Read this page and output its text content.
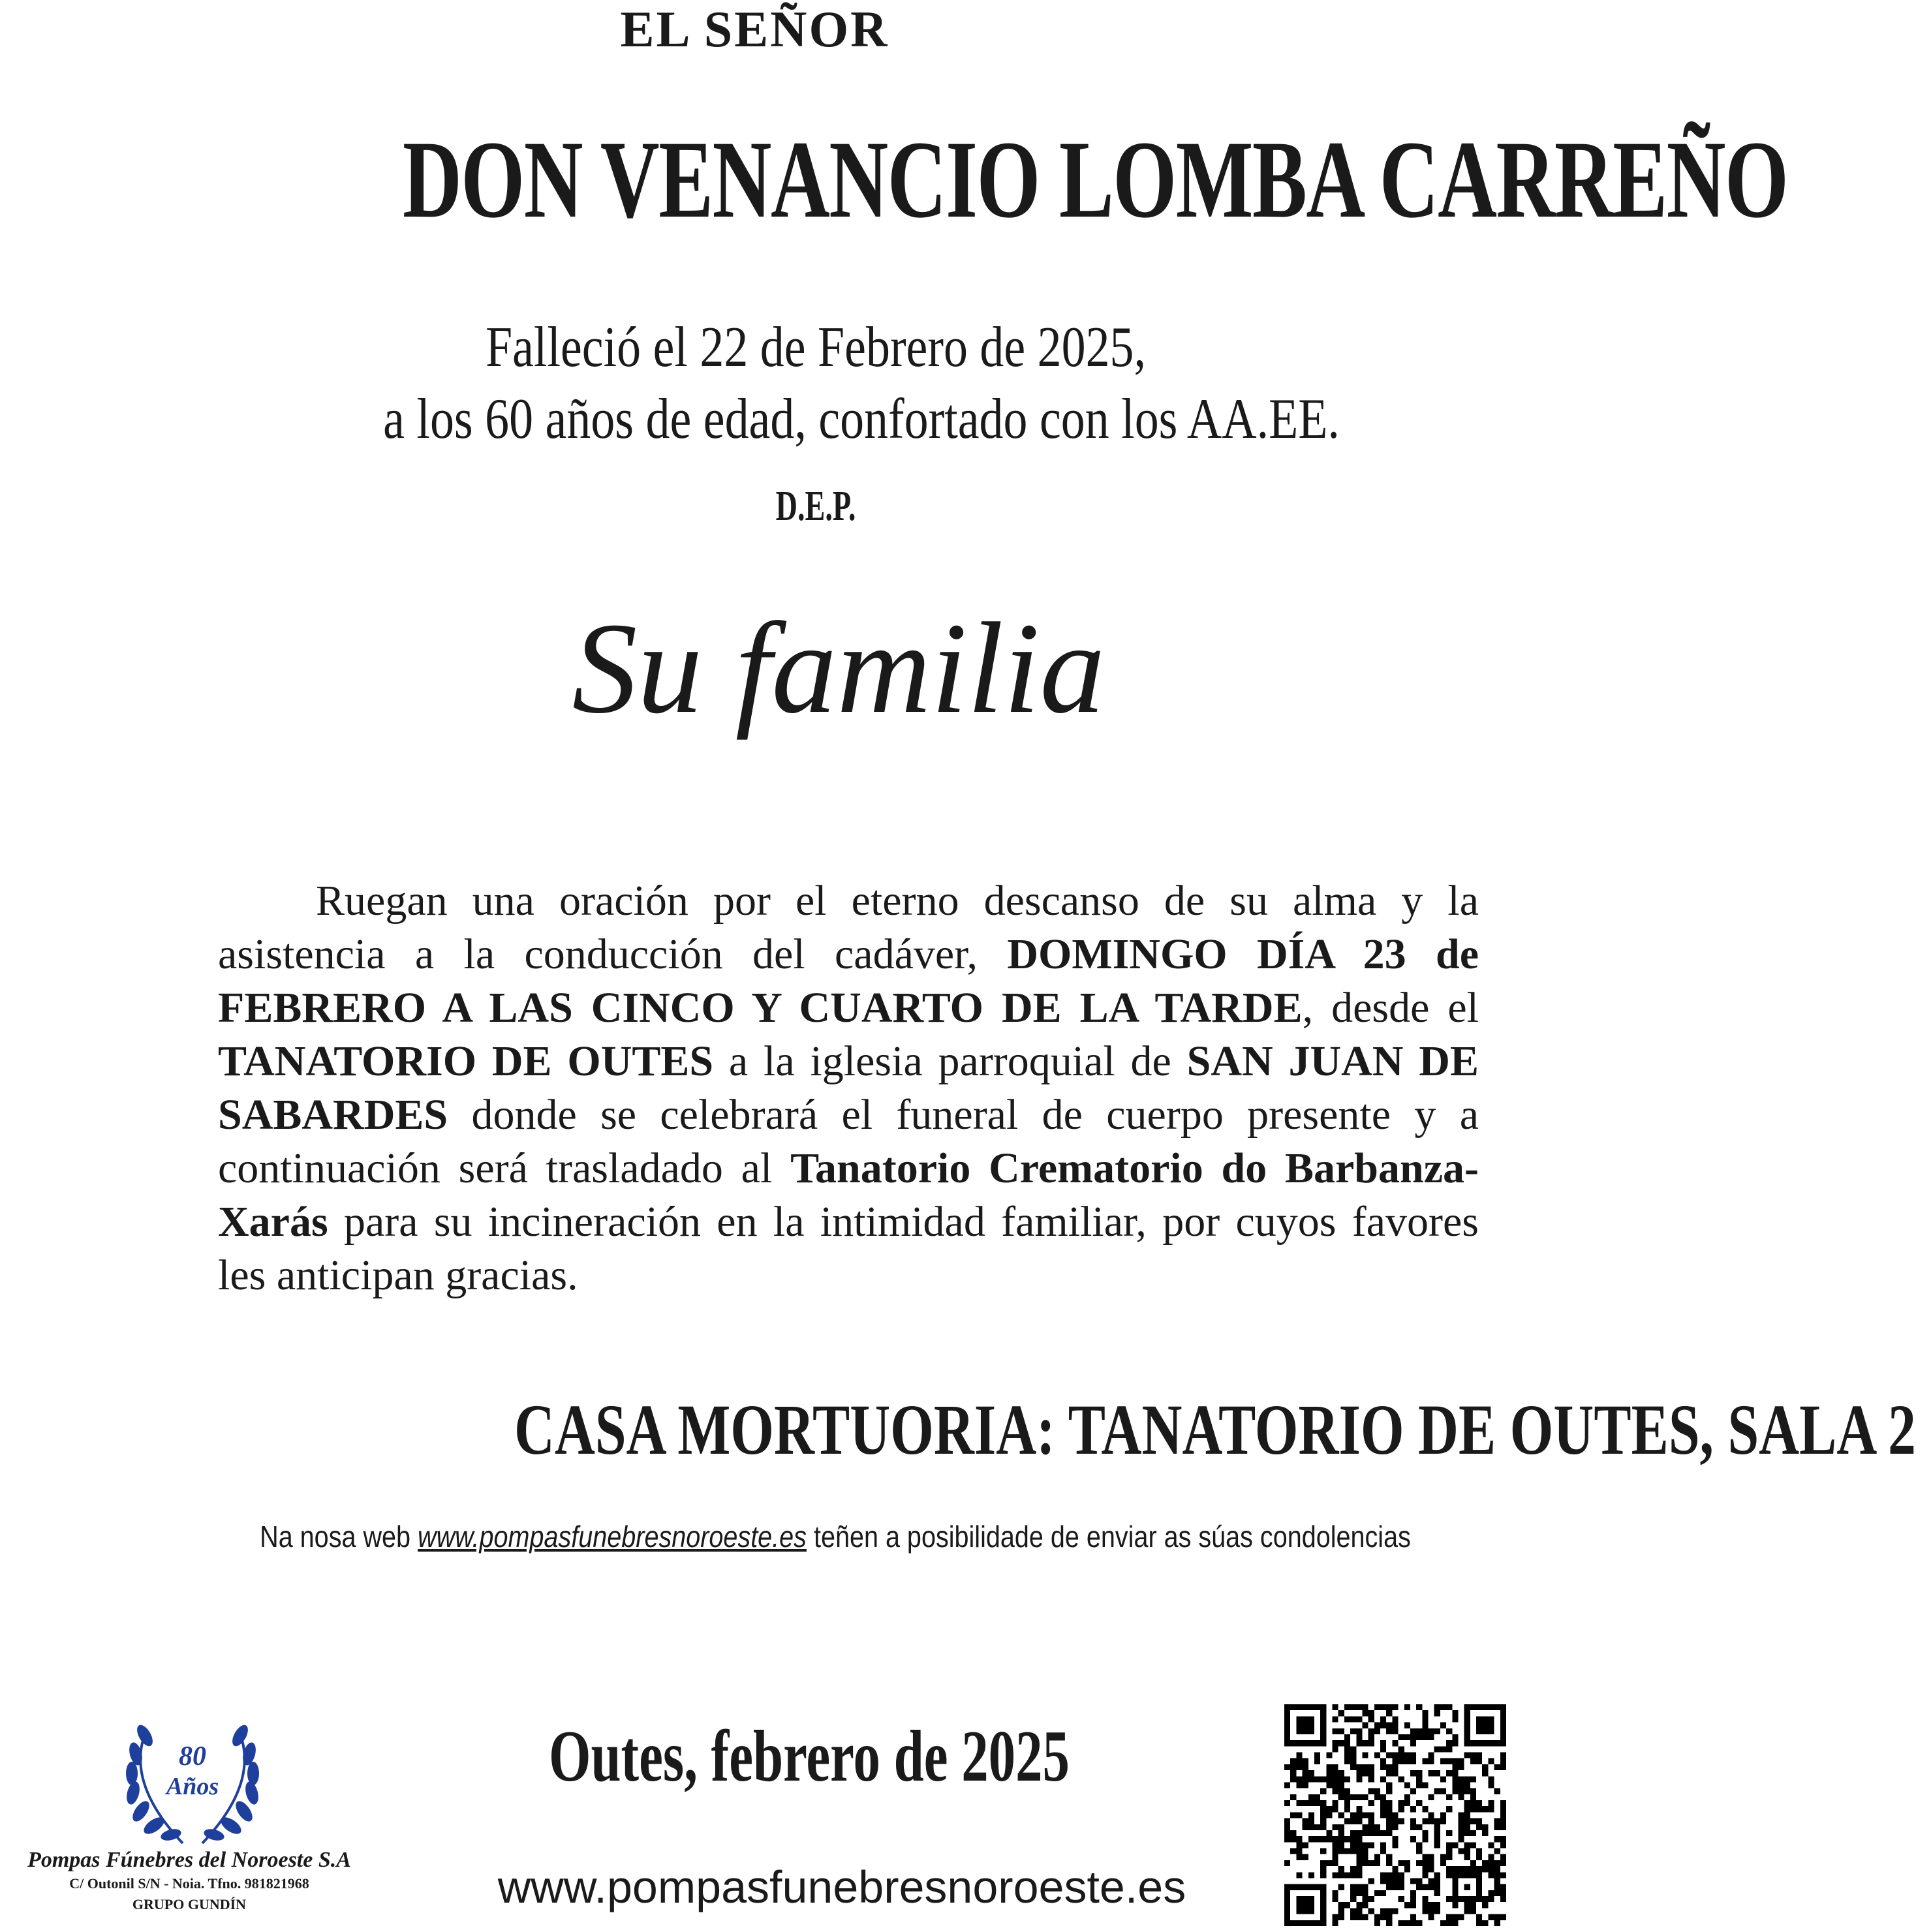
EL SEÑOR
DON VENANCIO LOMBA CARREÑO
Falleció el 22 de Febrero de 2025,
a los 60 años de edad, confortado con los AA.EE.
D.E.P.
Su familia
Ruegan una oración por el eterno descanso de su alma y la asistencia a la conducción del cadáver, DOMINGO DÍA 23 de FEBRERO A LAS CINCO Y CUARTO DE LA TARDE, desde el TANATORIO DE OUTES a la iglesia parroquial de SAN JUAN DE SABARDES donde se celebrará el funeral de cuerpo presente y a continuación será trasladado al Tanatorio Crematorio do Barbanza- Xarás para su incineración en la intimidad familiar, por cuyos favores les anticipan gracias.
CASA MORTUORIA: TANATORIO DE OUTES, SALA 2
Na nosa web www.pompasfunebresnoroeste.es teñen a posibilidade de enviar as súas condolencias
Outes, febrero de 2025
www.pompasfunebresnoroeste.es
80
Años
Pompas Fúnebres del Noroeste S.A
C/ Outonil S/N - Noia. Tfno. 981821968
GRUPO GUNDÍN
